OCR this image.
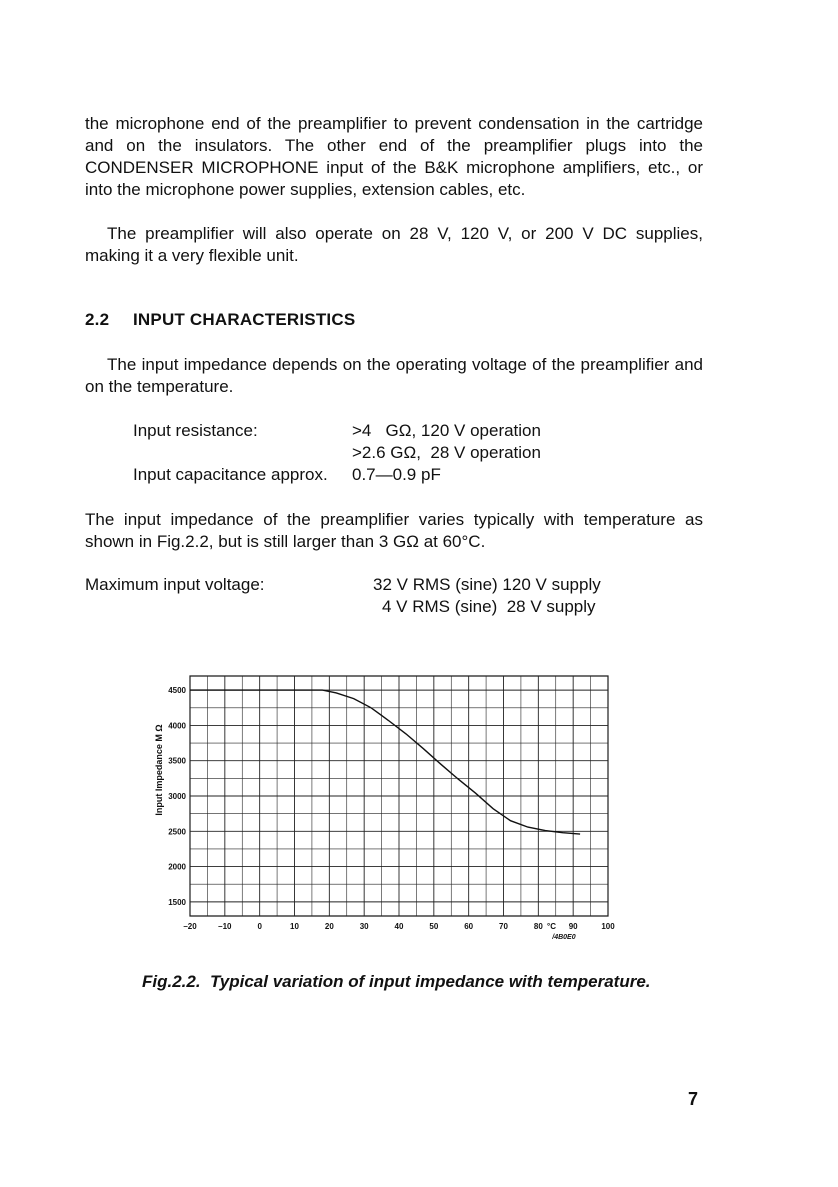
the microphone end of the preamplifier to prevent condensation in the cartridge and on the insulators. The other end of the preamplifier plugs into the CONDENSER MICROPHONE input of the B&K microphone amplifiers, etc., or into the microphone power supplies, extension cables, etc.

The preamplifier will also operate on 28 V, 120 V, or 200 V DC supplies, making it a very flexible unit.

2.2 INPUT CHARACTERISTICS

The input impedance depends on the operating voltage of the preamplifier and on the temperature.

Input resistance:	>4   GΩ, 120 V operation

>2.6 GΩ,  28 V operation

Input capacitance approx. 0.7—0.9 pF

The input impedance of the preamplifier varies typically with temperature as shown in Fig.2.2, but is still larger than 3 GΩ at 60°C.

Maximum input voltage:	32 V RMS (sine) 120 V supply

4 V RMS (sine)  28 V supply

1500
2000
2500
3000
3500
4000
4500
–20	–10	0	10	20	30	40	50	60	70	80	90	100
Input Impedance M Ω
°C
/4B0E0

Fig.2.2.  Typical variation of input impedance with temperature.

7
